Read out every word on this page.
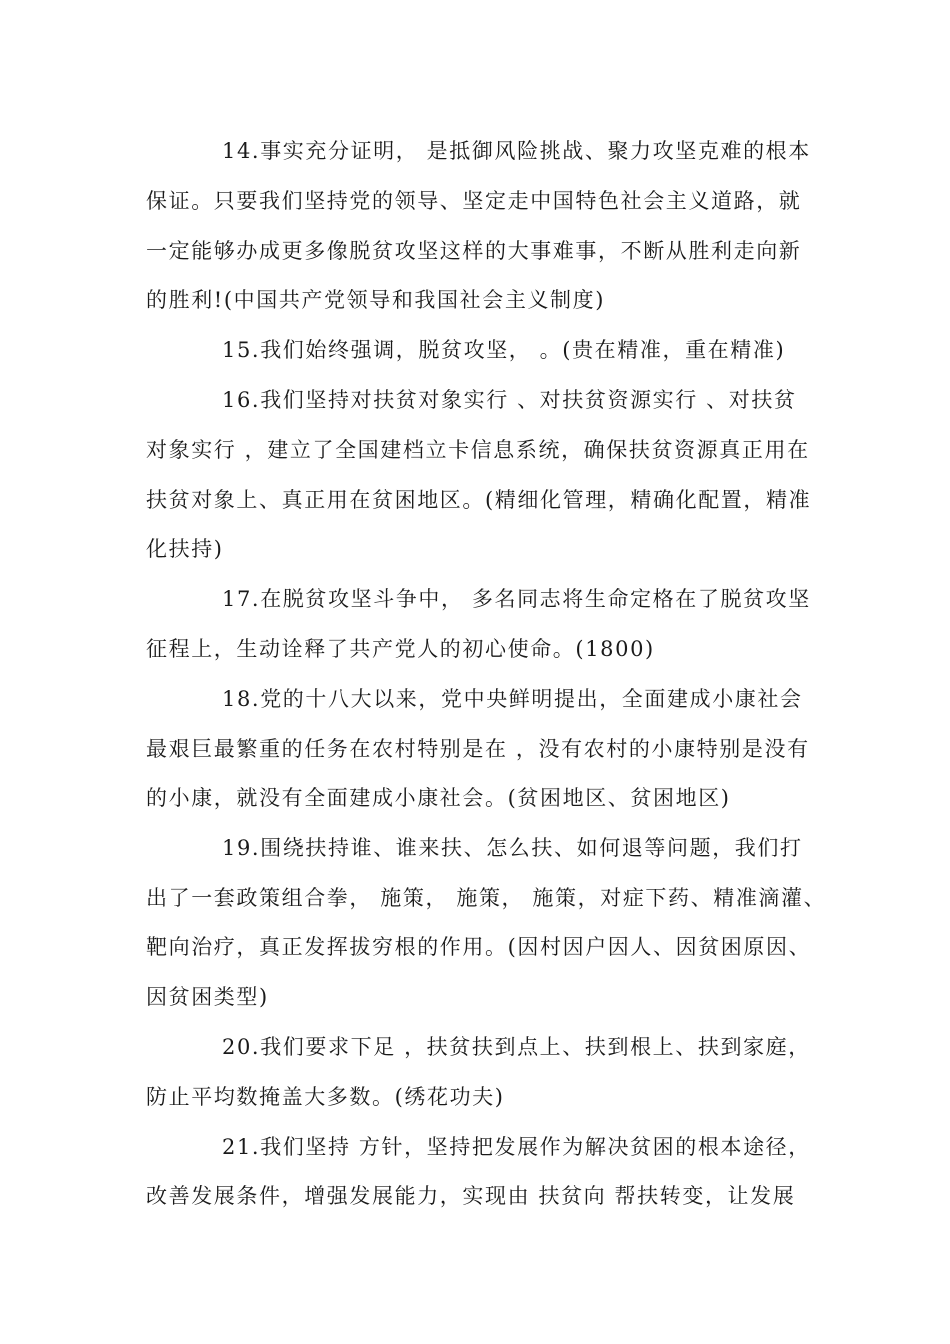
14.事实充分证明， 是抵御风险挑战、聚力攻坚克难的根本
保证。只要我们坚持党的领导、坚定走中国特色社会主义道路，就
一定能够办成更多像脱贫攻坚这样的大事难事，不断从胜利走向新
的胜利!(中国共产党领导和我国社会主义制度)
15.我们始终强调，脱贫攻坚， 。(贵在精准，重在精准)
16.我们坚持对扶贫对象实行 、对扶贫资源实行 、对扶贫
对象实行 ，建立了全国建档立卡信息系统，确保扶贫资源真正用在
扶贫对象上、真正用在贫困地区。(精细化管理，精确化配置，精准
化扶持)
17.在脱贫攻坚斗争中， 多名同志将生命定格在了脱贫攻坚
征程上，生动诠释了共产党人的初心使命。(1800)
18.党的十八大以来，党中央鲜明提出，全面建成小康社会
最艰巨最繁重的任务在农村特别是在 ，没有农村的小康特别是没有
的小康，就没有全面建成小康社会。(贫困地区、贫困地区)
19.围绕扶持谁、谁来扶、怎么扶、如何退等问题，我们打
出了一套政策组合拳， 施策， 施策， 施策，对症下药、精准滴灌、
靶向治疗，真正发挥拔穷根的作用。(因村因户因人、因贫困原因、
因贫困类型)
20.我们要求下足 ，扶贫扶到点上、扶到根上、扶到家庭，
防止平均数掩盖大多数。(绣花功夫)
21.我们坚持 方针，坚持把发展作为解决贫困的根本途径，
改善发展条件，增强发展能力，实现由 扶贫向 帮扶转变，让发展
